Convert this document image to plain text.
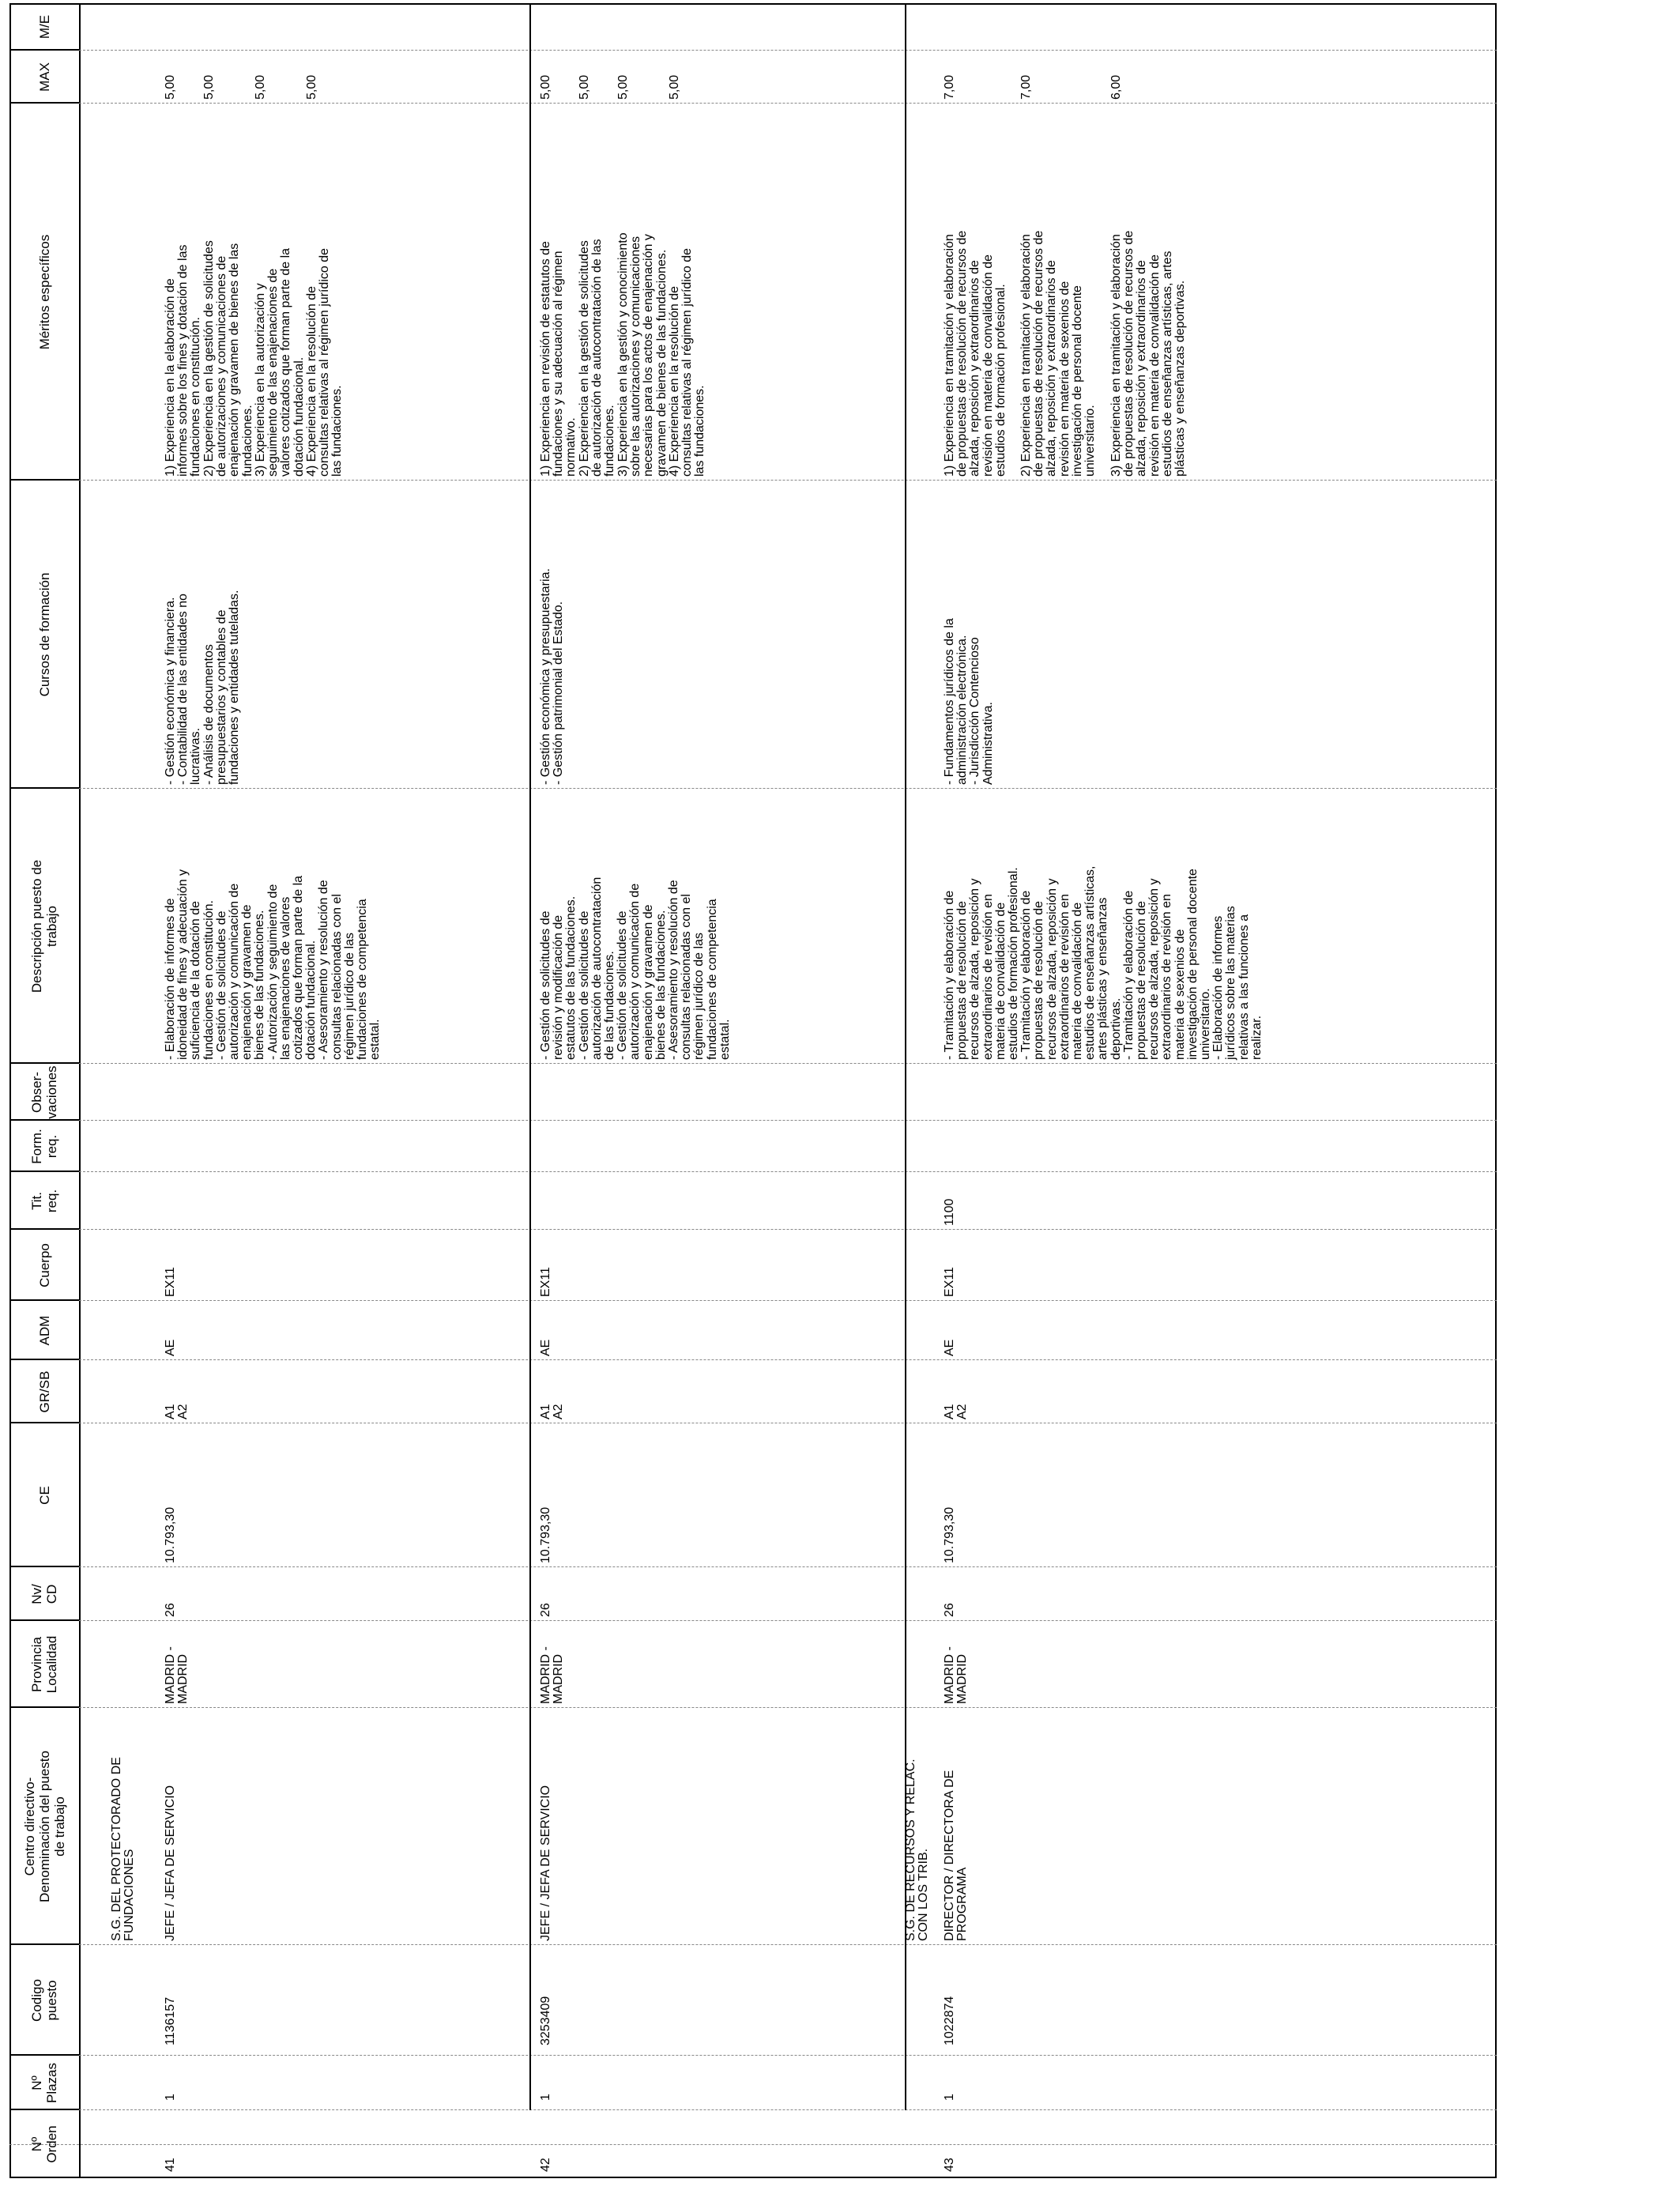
Nº
Orden
Nº
Plazas
Codigo
puesto
Centro directivo-
Denominación del puesto
de trabajo
Provincia
Localidad
Nv/
CD
CE
GR/SB
ADM
Cuerpo
Tit.
req.
Form.
req.
Obser-
vaciones
Descripción puesto de
trabajo
Cursos de formación
Méritos específicos
MAX
M/E
41
1
1136157
S.G. DEL PROTECTORADO DE
FUNDACIONES JEFE / JEFA DE SERVICIO
MADRID -
MADRID
26
10.793,30
A1
A2
AE
EX11
- Elaboración de informes de
idoneidad de fines y adecuación y
suficiencia de la dotación de
fundaciones en constitución.
- Gestión de solicitudes de
autorización y comunicación de
enajenación y gravamen de
bienes de las fundaciones.
- Autorización y seguimiento de
las enajenaciones de valores
cotizados que forman parte de la
dotación fundacional.
- Asesoramiento y resolución de
consultas relacionadas con el
régimen jurídico de las
fundaciones de competencia
estatal.
- Gestión económica y financiera.
- Contabilidad de las entidades no
lucrativas.
- Análisis de documentos
presupuestarios y contables de
fundaciones y entidades tuteladas.
1) Experiencia en la elaboración de
informes sobre los fines y dotación de las
fundaciones en constitución.
5,00
2) Experiencia en la gestión de solicitudes
de autorizaciones y comunicaciones de
enajenación y gravamen de bienes de las
fundaciones.
5,00
3) Experiencia en la autorización y
seguimiento de las enajenaciones de
valores cotizados que forman parte de la
dotación fundacional.
5,00
4) Experiencia en la resolución de
consultas relativas al régimen jurídico de
las fundaciones.
5,00
42
1
3253409
JEFE / JEFA DE SERVICIO
MADRID -
MADRID
26
10.793,30
A1
A2
AE
EX11
- Gestión de solicitudes de
revisión y modificación de
estatutos de las fundaciones.
- Gestión de solicitudes de
autorización de autocontratación
de las fundaciones.
- Gestión de solicitudes de
autorización y comunicación de
enajenación y gravamen de
bienes de las fundaciones.
- Asesoramiento y resolución de
consultas relacionadas con el
régimen jurídico de las
fundaciones de competencia
estatal.
- Gestión económica y presupuestaria.
- Gestión patrimonial del Estado.
1) Experiencia en revisión de estatutos de
fundaciones y su adecuación al régimen
normativo.
5,00
2) Experiencia en la gestión de solicitudes
de autorización de autocontratación de las
fundaciones.
5,00
3) Experiencia en la gestión y conocimiento
sobre las autorizaciones y comunicaciones
necesarias para los actos de enajenación y
gravamen de bienes de las fundaciones.
5,00
4) Experiencia en la resolución de
consultas relativas al régimen jurídico de
las fundaciones.
5,00
43
1
1022874
S.G. DE RECURSOS Y RELAC.
CON LOS TRIB.
DIRECTOR / DIRECTORA DE
PROGRAMA
MADRID -
MADRID
26
10.793,30
A1
A2
AE
EX11
1100
- Tramitación y elaboración de
propuestas de resolución de
recursos de alzada, reposición y
extraordinarios de revisión en
materia de convalidación de
estudios de formación profesional.
- Tramitación y elaboración de
propuestas de resolución de
recursos de alzada, reposición y
extraordinarios de revisión en
materia de convalidación de
estudios de enseñanzas artísticas,
artes plásticas y enseñanzas
deportivas.
- Tramitación y elaboración de
propuestas de resolución de
recursos de alzada, reposición y
extraordinarios de revisión en
materia de sexenios de
investigación de personal docente
universitario.
- Elaboración de informes
jurídicos sobre las materias
relativas a las funciones a
realizar.
- Fundamentos jurídicos de la
administración electrónica.
- Jurisdicción Contencioso
Administrativa.
1) Experiencia en tramitación y elaboración
de propuestas de resolución de recursos de
alzada, reposición y extraordinarios de
revisión en materia de convalidación de
estudios de formación profesional.
7,00
2) Experiencia en tramitación y elaboración
de propuestas de resolución de recursos de
alzada, reposición y extraordinarios de
revisión en materia de sexenios de
investigación de personal docente
universitario.
7,00
3) Experiencia en tramitación y elaboración
de propuestas de resolución de recursos de
alzada, reposición y extraordinarios de
revisión en materia de convalidación de
estudios de enseñanzas artísticas, artes
plásticas y enseñanzas deportivas.
6,00
